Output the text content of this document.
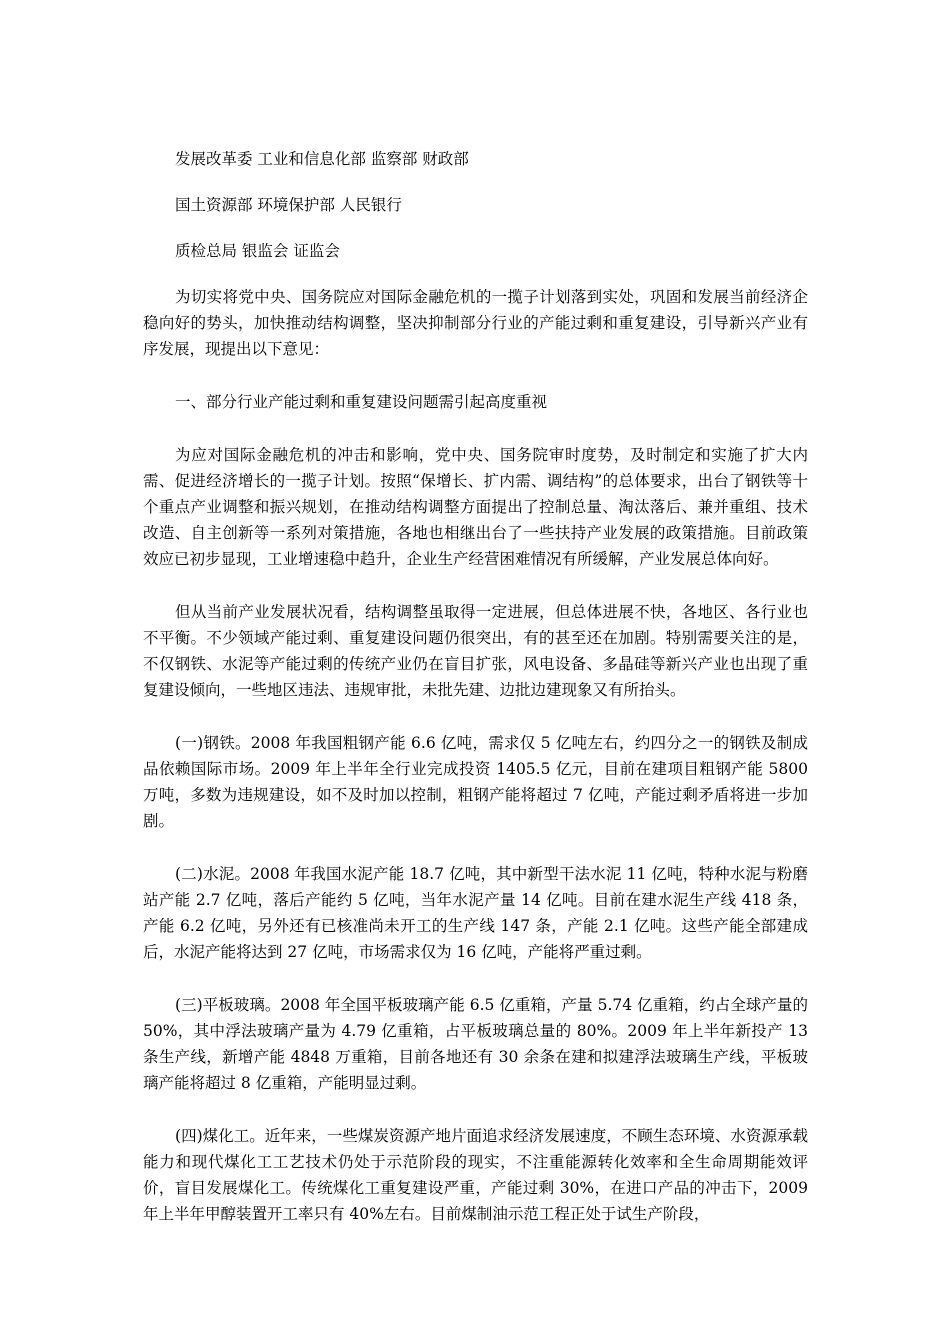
发展改革委 工业和信息化部 监察部 财政部

国土资源部 环境保护部 人民银行

质检总局 银监会 证监会

为切实将党中央、国务院应对国际金融危机的一揽子计划落到实处，巩固和发展当前经济企稳向好的势头，加快推动结构调整，坚决抑制部分行业的产能过剩和重复建设，引导新兴产业有序发展，现提出以下意见：

一、部分行业产能过剩和重复建设问题需引起高度重视

为应对国际金融危机的冲击和影响，党中央、国务院审时度势，及时制定和实施了扩大内需、促进经济增长的一揽子计划。按照“保增长、扩内需、调结构”的总体要求，出台了钢铁等十个重点产业调整和振兴规划，在推动结构调整方面提出了控制总量、淘汰落后、兼并重组、技术改造、自主创新等一系列对策措施，各地也相继出台了一些扶持产业发展的政策措施。目前政策效应已初步显现，工业增速稳中趋升，企业生产经营困难情况有所缓解，产业发展总体向好。

但从当前产业发展状况看，结构调整虽取得一定进展，但总体进展不快，各地区、各行业也不平衡。不少领域产能过剩、重复建设问题仍很突出，有的甚至还在加剧。特别需要关注的是，不仅钢铁、水泥等产能过剩的传统产业仍在盲目扩张，风电设备、多晶硅等新兴产业也出现了重复建设倾向，一些地区违法、违规审批，未批先建、边批边建现象又有所抬头。

(一)钢铁。2008 年我国粗钢产能 6.6 亿吨，需求仅 5 亿吨左右，约四分之一的钢铁及制成品依赖国际市场。2009 年上半年全行业完成投资 1405.5 亿元，目前在建项目粗钢产能 5800 万吨，多数为违规建设，如不及时加以控制，粗钢产能将超过 7 亿吨，产能过剩矛盾将进一步加剧。

(二)水泥。2008 年我国水泥产能 18.7 亿吨，其中新型干法水泥 11 亿吨，特种水泥与粉磨站产能 2.7 亿吨，落后产能约 5 亿吨，当年水泥产量 14 亿吨。目前在建水泥生产线 418 条，产能 6.2 亿吨，另外还有已核准尚未开工的生产线 147 条，产能 2.1 亿吨。这些产能全部建成后，水泥产能将达到 27 亿吨，市场需求仅为 16 亿吨，产能将严重过剩。

(三)平板玻璃。2008 年全国平板玻璃产能 6.5 亿重箱，产量 5.74 亿重箱，约占全球产量的 50%，其中浮法玻璃产量为 4.79 亿重箱，占平板玻璃总量的 80%。2009 年上半年新投产 13 条生产线，新增产能 4848 万重箱，目前各地还有 30 余条在建和拟建浮法玻璃生产线，平板玻璃产能将超过 8 亿重箱，产能明显过剩。

(四)煤化工。近年来，一些煤炭资源产地片面追求经济发展速度，不顾生态环境、水资源承载能力和现代煤化工工艺技术仍处于示范阶段的现实，不注重能源转化效率和全生命周期能效评价，盲目发展煤化工。传统煤化工重复建设严重，产能过剩 30%，在进口产品的冲击下，2009 年上半年甲醇装置开工率只有 40%左右。目前煤制油示范工程正处于试生产阶段，
